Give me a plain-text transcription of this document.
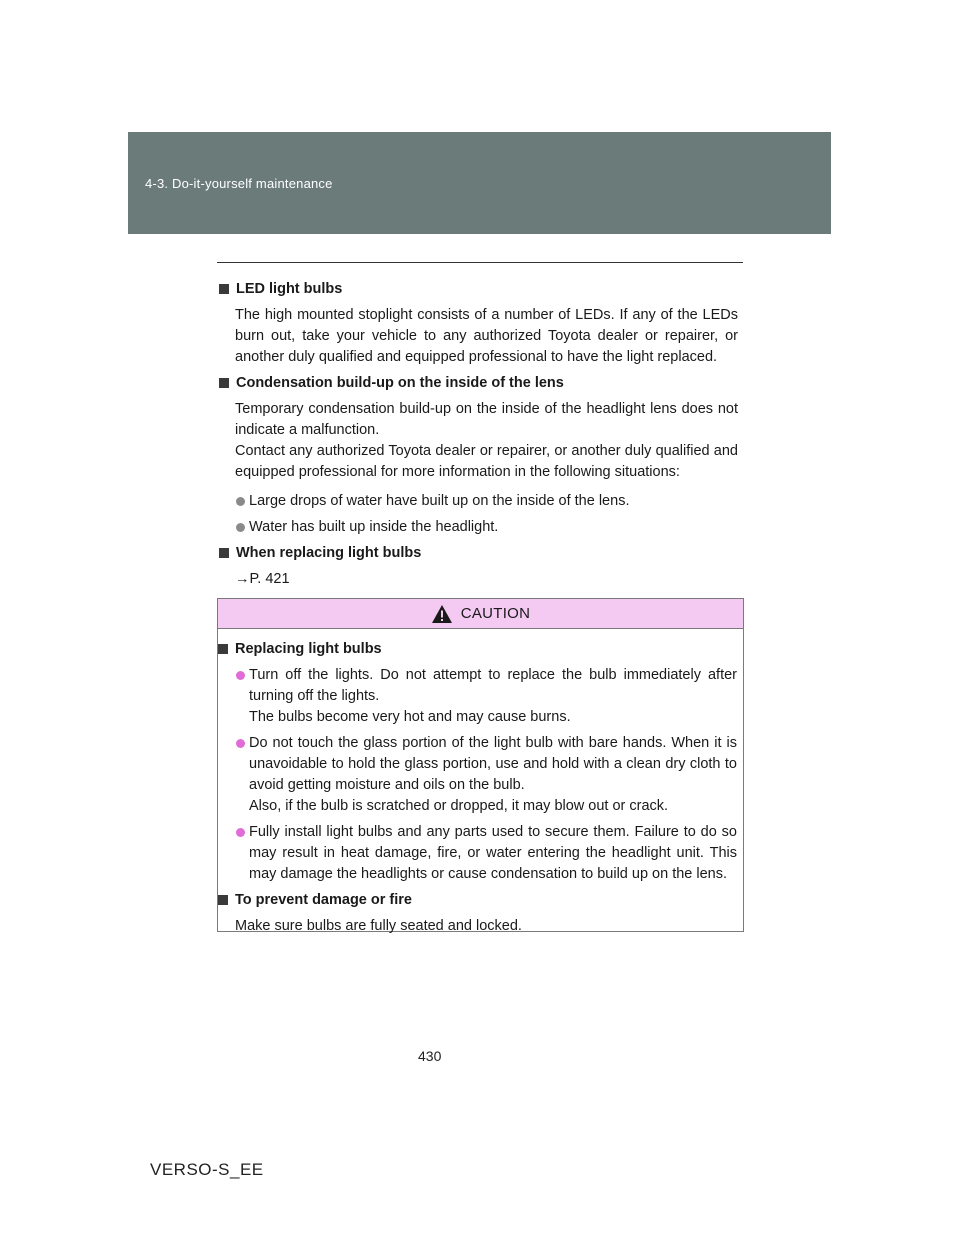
4-3. Do-it-yourself maintenance
LED light bulbs
The high mounted stoplight consists of a number of LEDs. If any of the LEDs burn out, take your vehicle to any authorized Toyota dealer or repairer, or another duly qualified and equipped professional to have the light replaced.
Condensation build-up on the inside of the lens
Temporary condensation build-up on the inside of the headlight lens does not indicate a malfunction.
Contact any authorized Toyota dealer or repairer, or another duly qualified and equipped professional for more information in the following situations:
Large drops of water have built up on the inside of the lens.
Water has built up inside the headlight.
When replacing light bulbs
→P. 421
CAUTION
Replacing light bulbs
Turn off the lights. Do not attempt to replace the bulb immediately after turning off the lights.
The bulbs become very hot and may cause burns.
Do not touch the glass portion of the light bulb with bare hands. When it is unavoidable to hold the glass portion, use and hold with a clean dry cloth to avoid getting moisture and oils on the bulb.
Also, if the bulb is scratched or dropped, it may blow out or crack.
Fully install light bulbs and any parts used to secure them. Failure to do so may result in heat damage, fire, or water entering the headlight unit. This may damage the headlights or cause condensation to build up on the lens.
To prevent damage or fire
Make sure bulbs are fully seated and locked.
430
VERSO-S_EE
